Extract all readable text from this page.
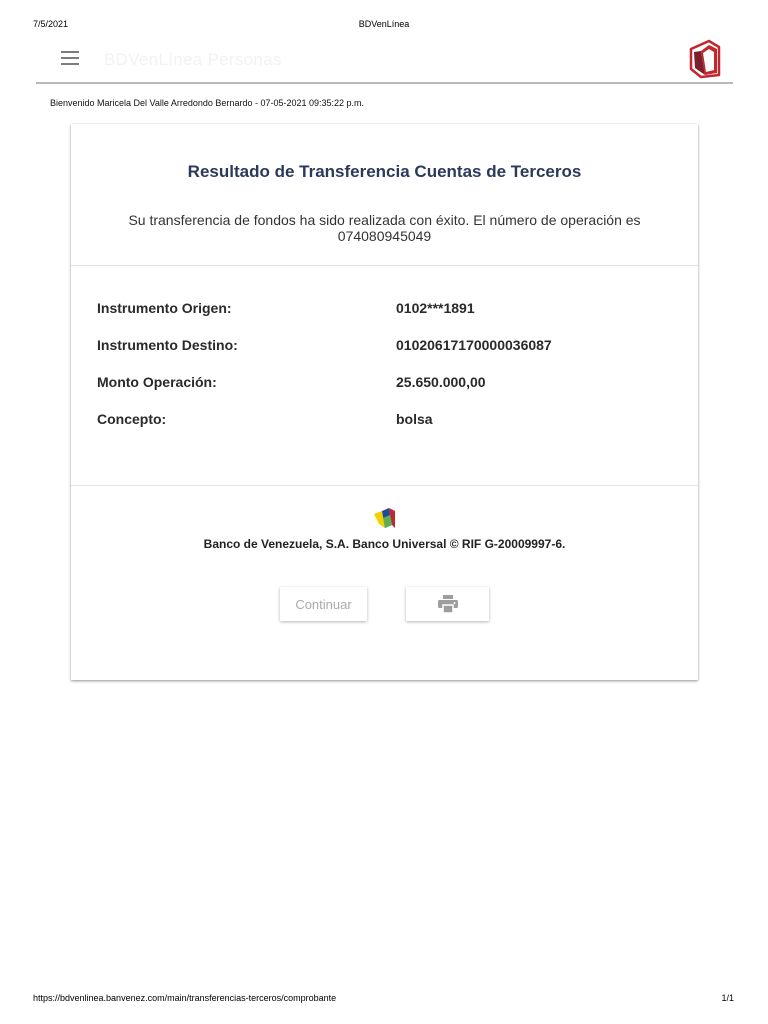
7/5/2021	BDVenLínea
BDVenLínea Personas
Bienvenido Maricela Del Valle Arredondo Bernardo - 07-05-2021 09:35:22 p.m.
Resultado de Transferencia Cuentas de Terceros
Su transferencia de fondos ha sido realizada con éxito. El número de operación es
074080945049
Instrumento Origen:	0102***1891
Instrumento Destino:	01020617170000036087
Monto Operación:	25.650.000,00
Concepto:	bolsa
Banco de Venezuela, S.A. Banco Universal © RIF G-20009997-6.
Continuar
https://bdvenlinea.banvenez.com/main/transferencias-terceros/comprobante	1/1
